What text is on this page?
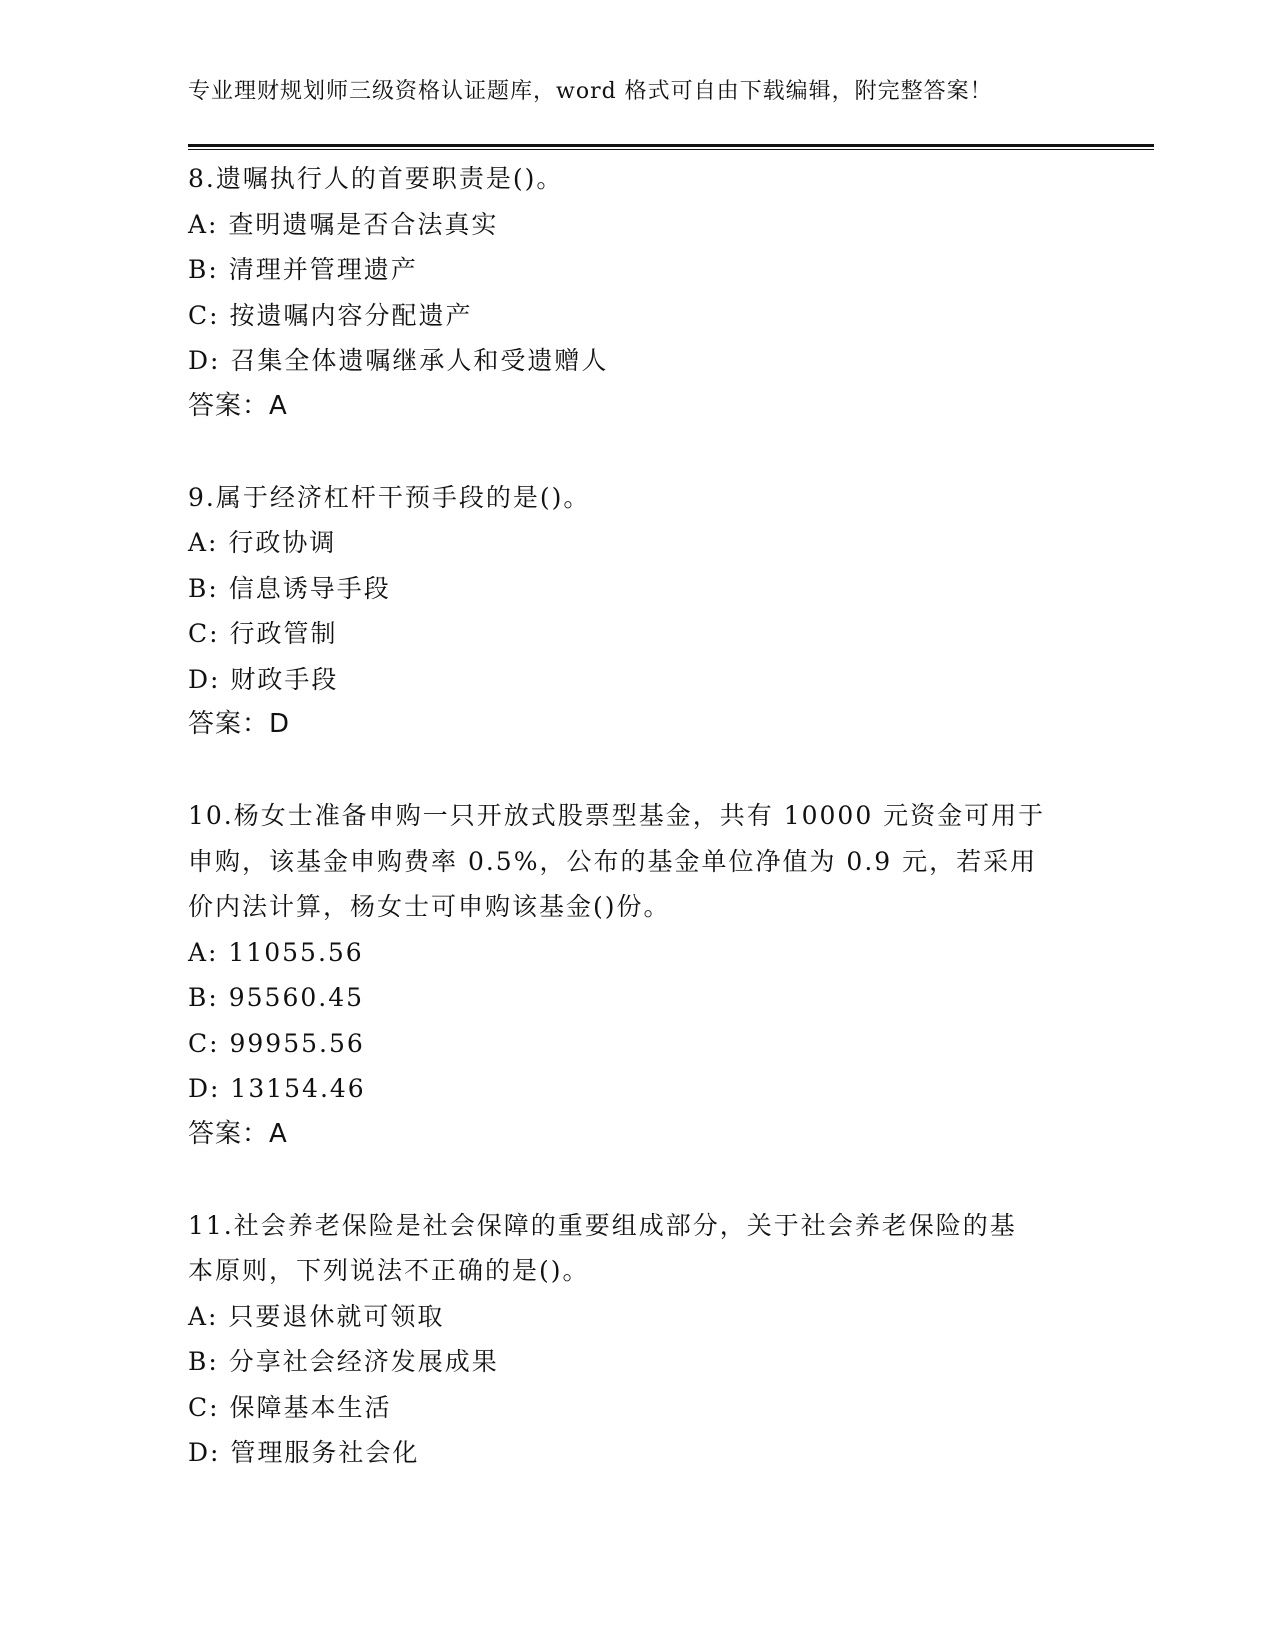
专业理财规划师三级资格认证题库，word 格式可自由下载编辑，附完整答案！
8.遗嘱执行人的首要职责是()。
A: 查明遗嘱是否合法真实
B: 清理并管理遗产
C: 按遗嘱内容分配遗产
D: 召集全体遗嘱继承人和受遗赠人
答案：A
9.属于经济杠杆干预手段的是()。
A: 行政协调
B: 信息诱导手段
C: 行政管制
D: 财政手段
答案：D
10.杨女士准备申购一只开放式股票型基金，共有 10000 元资金可用于
申购，该基金申购费率 0.5%，公布的基金单位净值为 0.9 元，若采用
价内法计算，杨女士可申购该基金()份。
A: 11055.56
B: 95560.45
C: 99955.56
D: 13154.46
答案：A
11.社会养老保险是社会保障的重要组成部分，关于社会养老保险的基
本原则，下列说法不正确的是()。
A: 只要退休就可领取
B: 分享社会经济发展成果
C: 保障基本生活
D: 管理服务社会化
